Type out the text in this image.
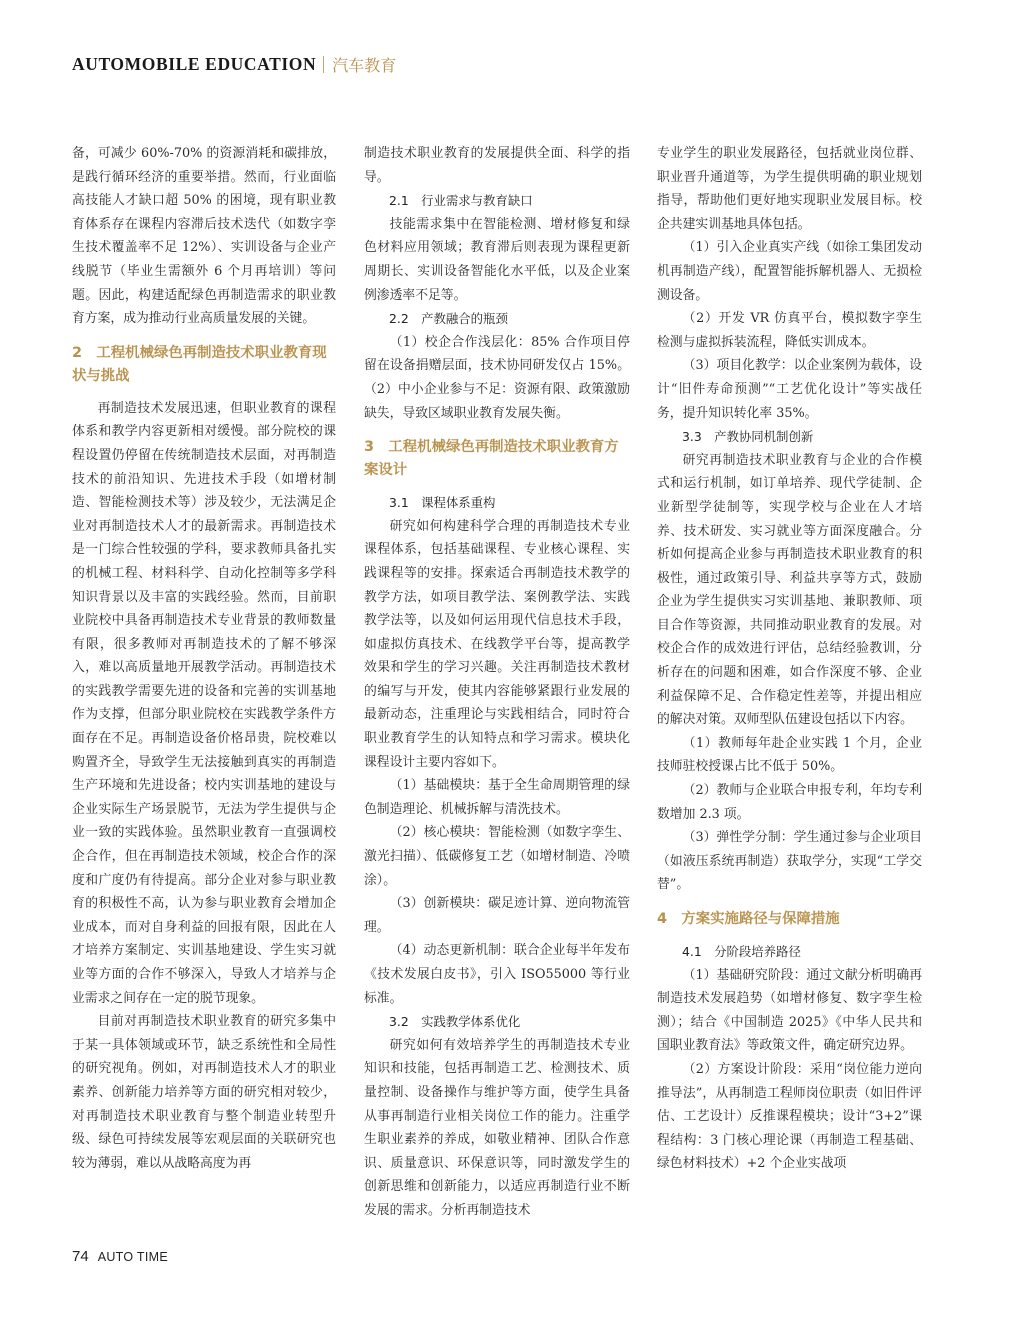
AUTOMOBILE EDUCATION 汽车教育

备，可减少 60%-70% 的资源消耗和碳排放，是践行循环经济的重要举措。然而，行业面临高技能人才缺口超 50% 的困境，现有职业教育体系存在课程内容滞后技术迭代（如数字孪生技术覆盖率不足 12%）、实训设备与企业产线脱节（毕业生需额外 6 个月再培训）等问题。因此，构建适配绿色再制造需求的职业教育方案，成为推动行业高质量发展的关键。

2　工程机械绿色再制造技术职业教育现状与挑战

再制造技术发展迅速，但职业教育的课程体系和教学内容更新相对缓慢。部分院校的课程设置仍停留在传统制造技术层面，对再制造技术的前沿知识、先进技术手段（如增材制造、智能检测技术等）涉及较少，无法满足企业对再制造技术人才的最新需求。再制造技术是一门综合性较强的学科，要求教师具备扎实的机械工程、材料科学、自动化控制等多学科知识背景以及丰富的实践经验。然而，目前职业院校中具备再制造技术专业背景的教师数量有限，很多教师对再制造技术的了解不够深入，难以高质量地开展教学活动。再制造技术的实践教学需要先进的设备和完善的实训基地作为支撑，但部分职业院校在实践教学条件方面存在不足。再制造设备价格昂贵，院校难以购置齐全，导致学生无法接触到真实的再制造生产环境和先进设备；校内实训基地的建设与企业实际生产场景脱节，无法为学生提供与企业一致的实践体验。虽然职业教育一直强调校企合作，但在再制造技术领域，校企合作的深度和广度仍有待提高。部分企业对参与职业教育的积极性不高，认为参与职业教育会增加企业成本，而对自身利益的回报有限，因此在人才培养方案制定、实训基地建设、学生实习就业等方面的合作不够深入，导致人才培养与企业需求之间存在一定的脱节现象。

目前对再制造技术职业教育的研究多集中于某一具体领域或环节，缺乏系统性和全局性的研究视角。例如，对再制造技术人才的职业素养、创新能力培养等方面的研究相对较少，对再制造技术职业教育与整个制造业转型升级、绿色可持续发展等宏观层面的关联研究也较为薄弱，难以从战略高度为再

制造技术职业教育的发展提供全面、科学的指导。

2.1　行业需求与教育缺口

技能需求集中在智能检测、增材修复和绿色材料应用领域；教育滞后则表现为课程更新周期长、实训设备智能化水平低，以及企业案例渗透率不足等。

2.2　产教融合的瓶颈

（1）校企合作浅层化：85% 合作项目停留在设备捐赠层面，技术协同研发仅占 15%。（2）中小企业参与不足：资源有限、政策激励缺失，导致区域职业教育发展失衡。

3　工程机械绿色再制造技术职业教育方案设计
3.1　课程体系重构

研究如何构建科学合理的再制造技术专业课程体系，包括基础课程、专业核心课程、实践课程等的安排。探索适合再制造技术教学的教学方法，如项目教学法、案例教学法、实践教学法等，以及如何运用现代信息技术手段，如虚拟仿真技术、在线教学平台等，提高教学效果和学生的学习兴趣。关注再制造技术教材的编写与开发，使其内容能够紧跟行业发展的最新动态，注重理论与实践相结合，同时符合职业教育学生的认知特点和学习需求。模块化课程设计主要内容如下。

（1）基础模块：基于全生命周期管理的绿色制造理论、机械拆解与清洗技术。

（2）核心模块：智能检测（如数字孪生、激光扫描）、低碳修复工艺（如增材制造、冷喷涂）。

（3）创新模块：碳足迹计算、逆向物流管理。

（4）动态更新机制：联合企业每半年发布《技术发展白皮书》，引入 ISO55000 等行业标准。

3.2　实践教学体系优化

研究如何有效培养学生的再制造技术专业知识和技能，包括再制造工艺、检测技术、质量控制、设备操作与维护等方面，使学生具备从事再制造行业相关岗位工作的能力。注重学生职业素养的养成，如敬业精神、团队合作意识、质量意识、环保意识等，同时激发学生的创新思维和创新能力，以适应再制造行业不断发展的需求。分析再制造技术

专业学生的职业发展路径，包括就业岗位群、职业晋升通道等，为学生提供明确的职业规划指导，帮助他们更好地实现职业发展目标。校企共建实训基地具体包括。

（1）引入企业真实产线（如徐工集团发动机再制造产线），配置智能拆解机器人、无损检测设备。

（2）开发 VR 仿真平台，模拟数字孪生检测与虚拟拆装流程，降低实训成本。

（3）项目化教学：以企业案例为载体，设计“旧件寿命预测”“工艺优化设计”等实战任务，提升知识转化率 35%。

3.3　产教协同机制创新

研究再制造技术职业教育与企业的合作模式和运行机制，如订单培养、现代学徒制、企业新型学徒制等，实现学校与企业在人才培养、技术研发、实习就业等方面深度融合。分析如何提高企业参与再制造技术职业教育的积极性，通过政策引导、利益共享等方式，鼓励企业为学生提供实习实训基地、兼职教师、项目合作等资源，共同推动职业教育的发展。对校企合作的成效进行评估，总结经验教训，分析存在的问题和困难，如合作深度不够、企业利益保障不足、合作稳定性差等，并提出相应的解决对策。双师型队伍建设包括以下内容。

（1）教师每年赴企业实践 1 个月，企业技师驻校授课占比不低于 50%。

（2）教师与企业联合申报专利，年均专利数增加 2.3 项。

（3）弹性学分制：学生通过参与企业项目（如液压系统再制造）获取学分，实现“工学交替”。

4　方案实施路径与保障措施
4.1　分阶段培养路径

（1）基础研究阶段：通过文献分析明确再制造技术发展趋势（如增材修复、数字孪生检测）；结合《中国制造 2025》《中华人民共和国职业教育法》等政策文件，确定研究边界。

（2）方案设计阶段：采用“岗位能力逆向推导法”，从再制造工程师岗位职责（如旧件评估、工艺设计）反推课程模块；设计“3+2”课程结构：3 门核心理论课（再制造工程基础、绿色材料技术）+2 个企业实战项

74 AUTO TIME
